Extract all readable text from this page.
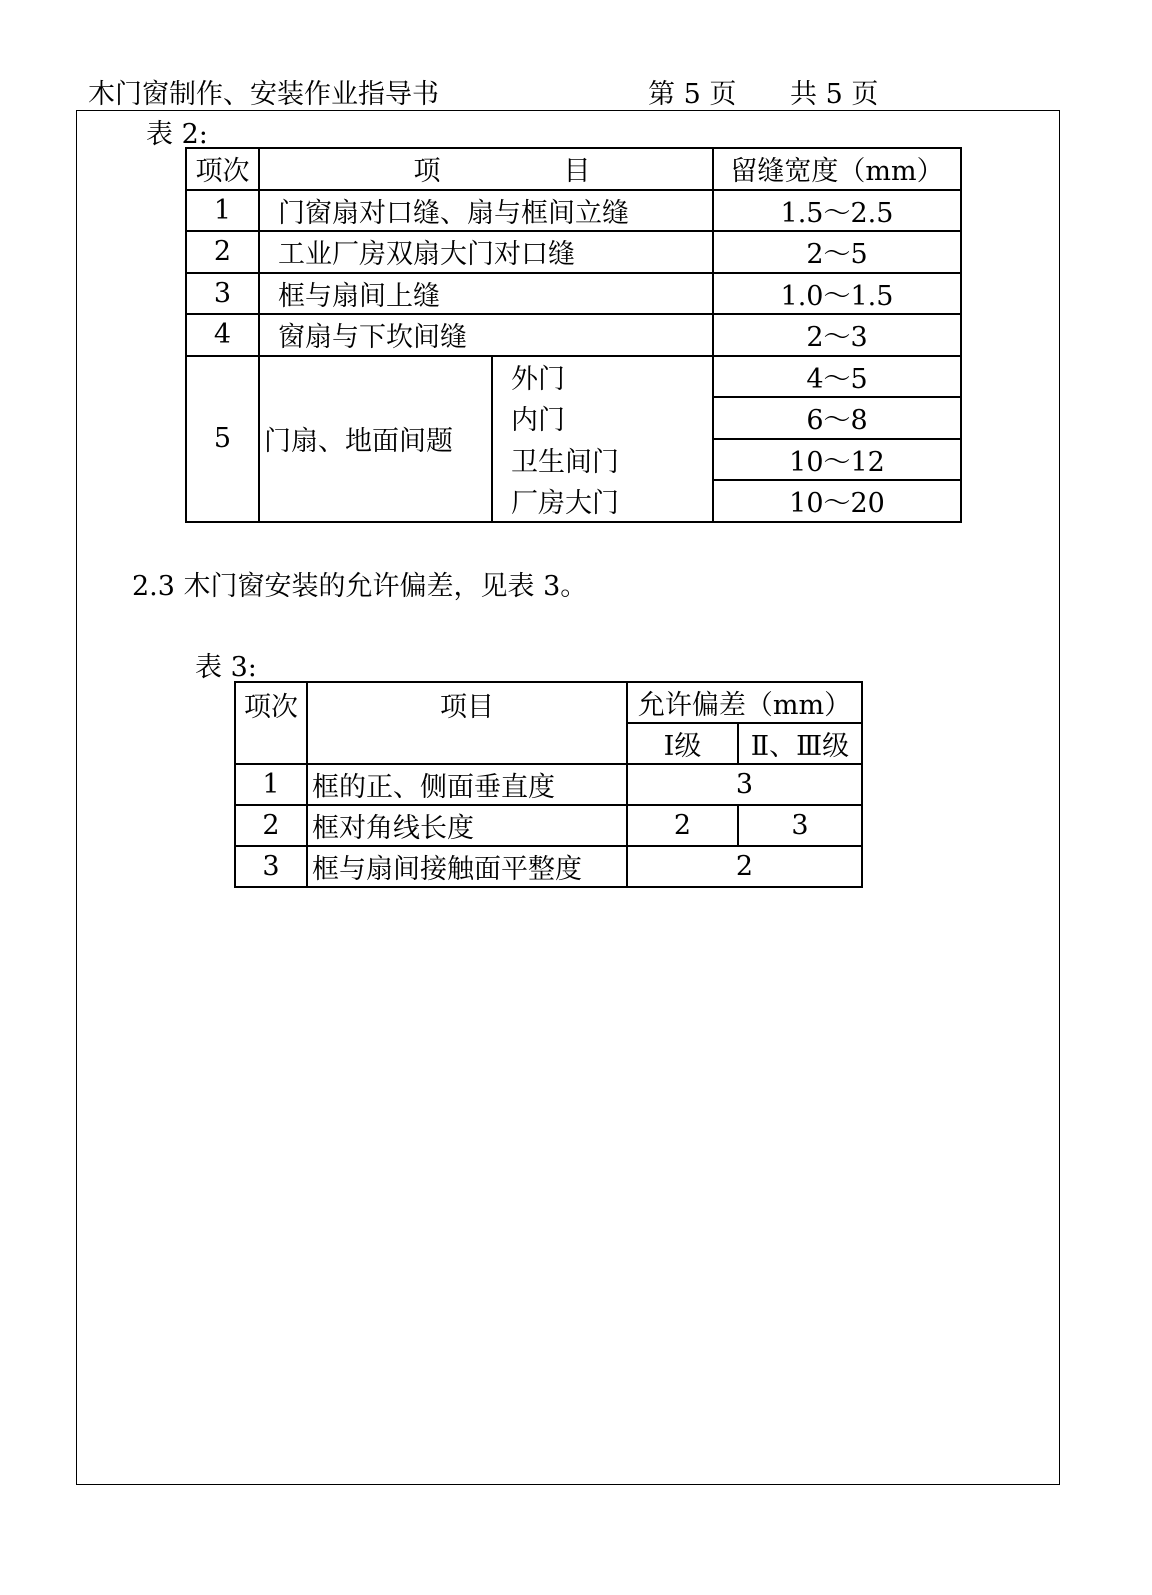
木门窗制作、安装作业指导书	第 5 页 共 5 页
表 2:
项次	项 目		留缝宽度（mm）
1	门窗扇对口缝、扇与框间立缝		1.5～2.5
2	工业厂房双扇大门对口缝		2～5
3	框与扇间上缝		1.0～1.5
4	窗扇与下坎间缝		2～3
5	门扇、地面间题	外门	4～5
		内门	6～8
		卫生间门	10～12
		厂房大门	10～20
2.3 木门窗安装的允许偏差，见表 3。
表 3:
项次	项目	允许偏差（mm）	
		Ⅰ级	Ⅱ、Ⅲ级
1	框的正、侧面垂直度	3	
2	框对角线长度	2	3
3	框与扇间接触面平整度	2	
